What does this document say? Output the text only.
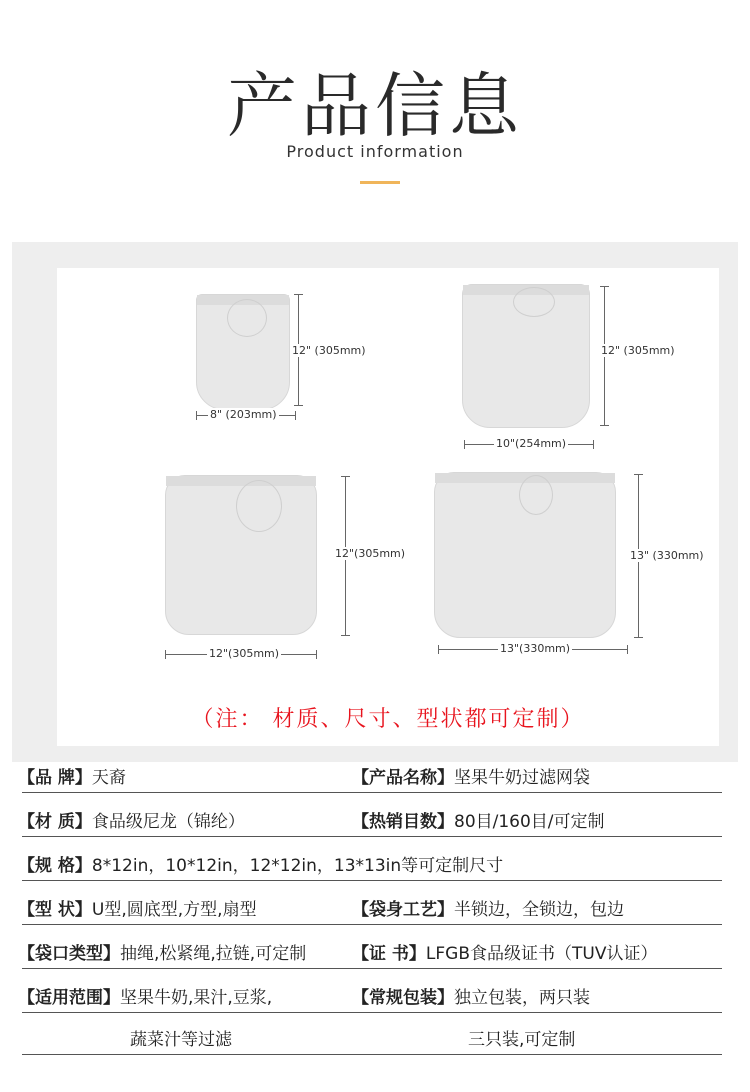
产品信息
Product information
12" (305mm)
8" (203mm)
12" (305mm)
10"(254mm)
12"(305mm)
12"(305mm)
13" (330mm)
13"(330mm)
（注： 材质、尺寸、型状都可定制）
【品 牌】天裔	【产品名称】坚果牛奶过滤网袋
【材 质】食品级尼龙（锦纶）	【热销目数】80目/160目/可定制
【规 格】8*12in，10*12in，12*12in，13*13in等可定制尺寸
【型 状】U型,圆底型,方型,扇型	【袋身工艺】半锁边，全锁边，包边
【袋口类型】抽绳,松紧绳,拉链,可定制	【证 书】LFGB食品级证书（TUV认证）
【适用范围】坚果牛奶,果汁,豆浆,	【常规包装】独立包装，两只装
蔬菜汁等过滤	三只装,可定制
